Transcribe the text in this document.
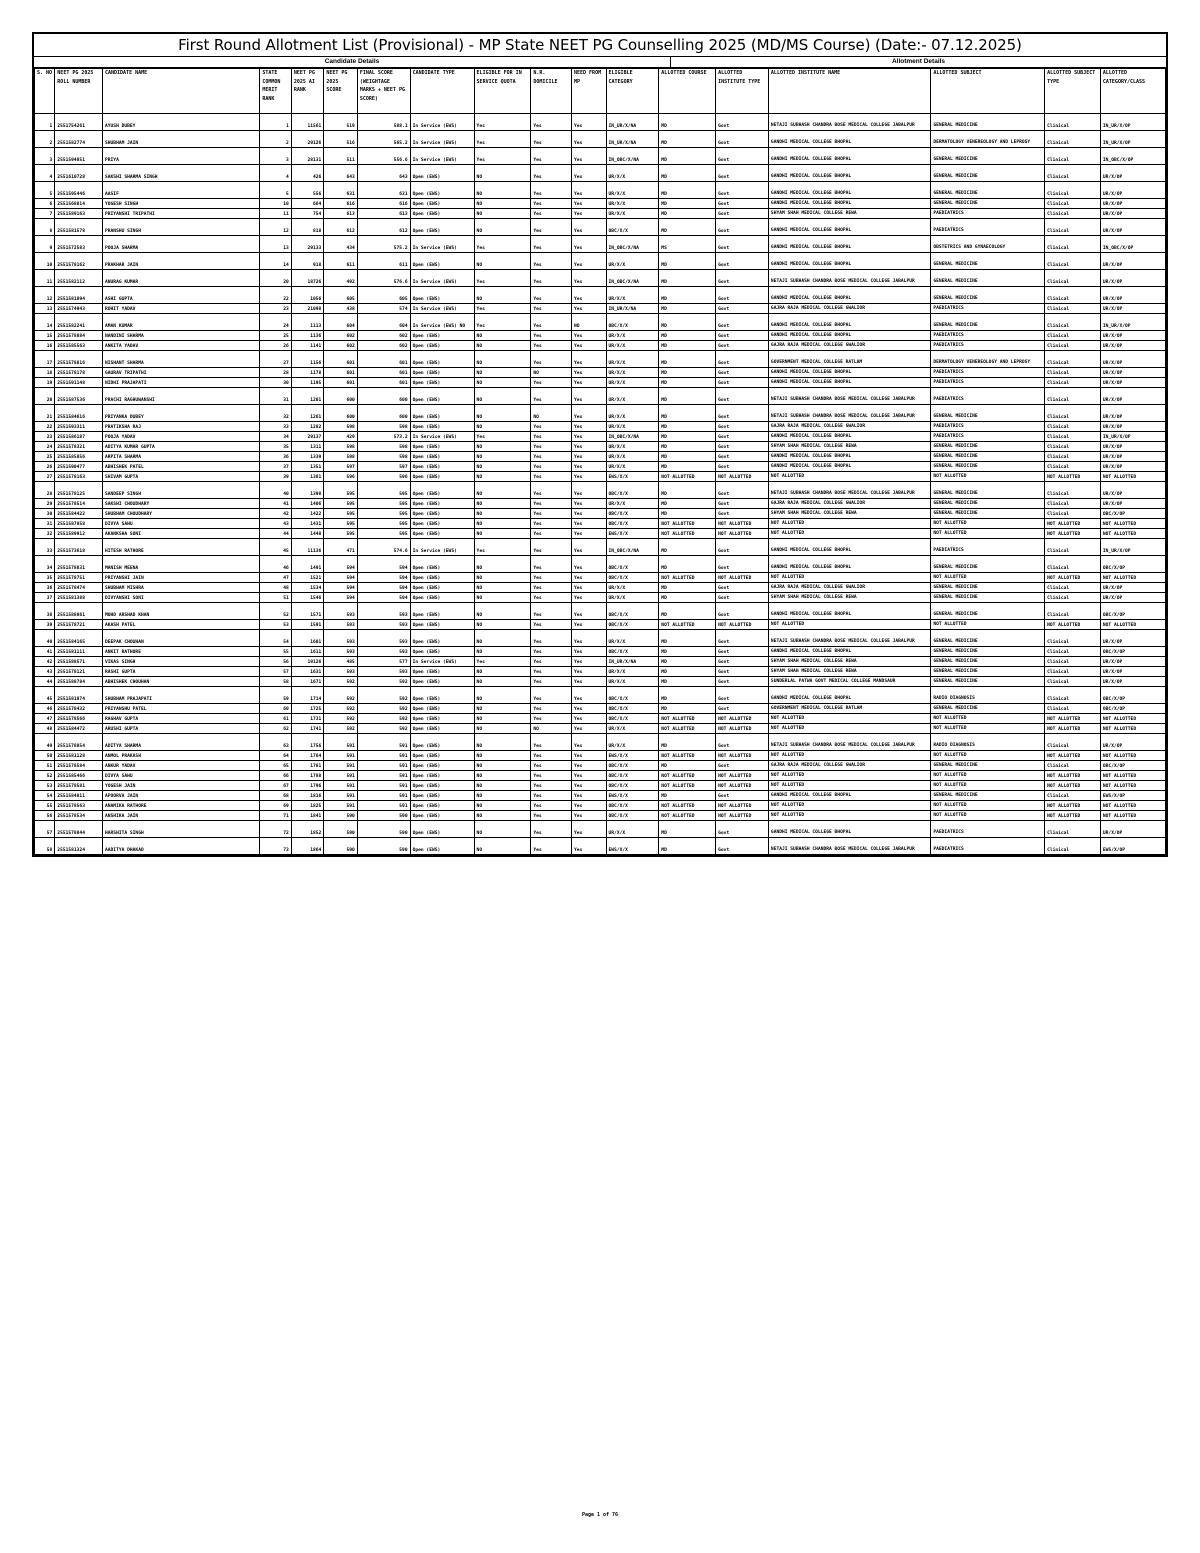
First Round Allotment List (Provisional) - MP State NEET PG Counselling 2025 (MD/MS Course) (Date:- 07.12.2025)
Candidate Details	Allotment Details
S. NO	NEET PG 2025 ROLL NUMBER	CANDIDATE NAME	STATE COMMON MERIT RANK	NEET PG 2025 AI RANK	NEET PG 2025 SCORE	FINAL SCORE (WEIGHTAGE MARKS + NEET PG SCORE)	CANDIDATE TYPE	ELIGIBLE FOR IN SERVICE QUOTA	N.R. DOMICILE	NEED FROM MP	ELIGIBLE CATEGORY	ALLOTTED COURSE	ALLOTTED INSTITUTE TYPE	ALLOTTED INSTITUTE NAME	ALLOTTED SUBJECT	ALLOTTED SUBJECT TYPE	ALLOTTED CATEGORY/CLASS
1	2551754261	AYUSH DUBEY	1	11561	519	588.1	In Service (EWS)	Yes	Yes	Yes	IN_UR/X/NA	MD	Govt	NETAJI SUBHASH CHANDRA BOSE MEDICAL COLLEGE JABALPUR	GENERAL MEDICINE	Clinical	IN_UR/X/OP
2	2551582774	SHUBHAM JAIN	2	29126	516	565.2	In Service (EWS)	Yes	Yes	Yes	IN_UR/X/NA	MD	Govt	GANDHI MEDICAL COLLEGE BHOPAL	DERMATOLOGY VENEREOLOGY AND LEPROSY	Clinical	IN_UR/X/OP
3	2551594851	PRIYA	3	28131	511	556.6	In Service (EWS)	Yes	Yes	Yes	IN_OBC/X/NA	MD	Govt	GANDHI MEDICAL COLLEGE BHOPAL	GENERAL MEDICINE	Clinical	IN_OBC/X/OP
4	2551610728	SAKSHI SHARMA SINGH	4	426	643	643	Open (EWS)	NO	Yes	Yes	UR/X/X	MD	Govt	GANDHI MEDICAL COLLEGE BHOPAL	GENERAL MEDICINE	Clinical	UR/X/OP
5	2551595446	AASIF	5	556	631	631	Open (EWS)	NO	Yes	Yes	UR/X/X	MD	Govt	GANDHI MEDICAL COLLEGE BHOPAL	GENERAL MEDICINE	Clinical	UR/X/OP
6	2551568814	YOGESH SINGH	10	664	616	616	Open (EWS)	NO	Yes	Yes	UR/X/X	MD	Govt	GANDHI MEDICAL COLLEGE BHOPAL	GENERAL MEDICINE	Clinical	UR/X/OP
7	2551589163	PRIYANSHI TRIPATHI	11	754	613	613	Open (EWS)	NO	Yes	Yes	UR/X/X	MD	Govt	SHYAM SHAH MEDICAL COLLEGE REWA	PAEDIATRICS	Clinical	UR/X/OP
8	2551581578	PRANSHU SINGH	12	818	612	612	Open (EWS)	NO	Yes	Yes	OBC/X/X	MD	Govt	GANDHI MEDICAL COLLEGE BHOPAL	PAEDIATRICS	Clinical	UR/X/OP
9	2551572583	POOJA SHARMA	13	29133	434	575.2	In Service (EWS)	Yes	Yes	Yes	IN_OBC/X/NA	MS	Govt	GANDHI MEDICAL COLLEGE BHOPAL	OBSTETRICS AND GYNAECOLOGY	Clinical	IN_OBC/X/OP
10	2551578162	PRAKHAR JAIN	14	918	611	611	Open (EWS)	NO	Yes	Yes	UR/X/X	MD	Govt	GANDHI MEDICAL COLLEGE BHOPAL	GENERAL MEDICINE	Clinical	UR/X/OP
11	2551582112	ANURAG KUMAR	20	18726	492	576.6	In Service (EWS)	Yes	Yes	Yes	IN_OBC/X/NA	MD	Govt	NETAJI SUBHASH CHANDRA BOSE MEDICAL COLLEGE JABALPUR	GENERAL MEDICINE	Clinical	UR/X/OP
12	2551581894	ASHI GUPTA	22	1056	605	605	Open (EWS)	NO	Yes	Yes	UR/X/X	MD	Govt	GANDHI MEDICAL COLLEGE BHOPAL	GENERAL MEDICINE	Clinical	UR/X/OP
13	2551574943	ROHIT YADAV	23	21098	438	574	In Service (EWS)	Yes	Yes	Yes	IN_UR/X/NA	MD	Govt	GAJRA RAJA MEDICAL COLLEGE GWALIOR	PAEDIATRICS	Clinical	UR/X/OP
14	2551582241	AMAN KUMAR	24	1113	604	604	In Service (EWS) NO	Yes	Yes	NO	OBC/X/X	MD	Govt	GANDHI MEDICAL COLLEGE BHOPAL	GENERAL MEDICINE	Clinical	IN_UR/X/OP
15	2551578884	NANDINI SHARMA	25	1136	602	602	Open (EWS)	NO	Yes	Yes	UR/X/X	MD	Govt	GANDHI MEDICAL COLLEGE BHOPAL	PAEDIATRICS	Clinical	UR/X/OP
16	2551585563	ANKITA YADAV	26	1141	602	602	Open (EWS)	NO	Yes	Yes	UR/X/X	MD	Govt	GAJRA RAJA MEDICAL COLLEGE GWALIOR	PAEDIATRICS	Clinical	UR/X/OP
17	2551578816	NISHANT SHARMA	27	1156	601	601	Open (EWS)	NO	Yes	Yes	UR/X/X	MD	Govt	GOVERNMENT MEDICAL COLLEGE RATLAM	DERMATOLOGY VENEREOLOGY AND LEPROSY	Clinical	UR/X/OP
18	2551578178	GAURAV TRIPATHI	28	1178	601	601	Open (EWS)	NO	NO	Yes	UR/X/X	MD	Govt	GANDHI MEDICAL COLLEGE BHOPAL	PAEDIATRICS	Clinical	UR/X/OP
19	2551591148	NIDHI PRAJAPATI	30	1195	601	601	Open (EWS)	NO	Yes	Yes	UR/X/X	MD	Govt	GANDHI MEDICAL COLLEGE BHOPAL	PAEDIATRICS	Clinical	UR/X/OP
20	2551587536	PRACHI RAGHUWANSHI	31	1201	600	600	Open (EWS)	NO	Yes	Yes	UR/X/X	MD	Govt	NETAJI SUBHASH CHANDRA BOSE MEDICAL COLLEGE JABALPUR	PAEDIATRICS	Clinical	UR/X/OP
21	2551584616	PRIYANKA DUBEY	32	1261	600	600	Open (EWS)	NO	NO	Yes	UR/X/X	MD	Govt	NETAJI SUBHASH CHANDRA BOSE MEDICAL COLLEGE JABALPUR	GENERAL MEDICINE	Clinical	UR/X/OP
22	2551593311	PRATIKSHA RAJ	33	1282	598	598	Open (EWS)	NO	Yes	Yes	UR/X/X	MD	Govt	GAJRA RAJA MEDICAL COLLEGE GWALIOR	PAEDIATRICS	Clinical	UR/X/OP
23	2551586187	POOJA YADAV	34	29137	429	573.2	In Service (EWS)	Yes	Yes	Yes	IN_OBC/X/NA	MD	Govt	GANDHI MEDICAL COLLEGE BHOPAL	PAEDIATRICS	Clinical	IN_UR/X/OP
24	2551578321	ADITYA KUMAR GUPTA	35	1311	598	598	Open (EWS)	NO	Yes	Yes	UR/X/X	MD	Govt	SHYAM SHAH MEDICAL COLLEGE REWA	GENERAL MEDICINE	Clinical	UR/X/OP
25	2551585856	ARPITA SHARMA	36	1339	598	598	Open (EWS)	NO	Yes	Yes	UR/X/X	MD	Govt	GANDHI MEDICAL COLLEGE BHOPAL	GENERAL MEDICINE	Clinical	UR/X/OP
26	2551590477	ABHISHEK PATEL	37	1351	597	597	Open (EWS)	NO	Yes	Yes	UR/X/X	MD	Govt	GANDHI MEDICAL COLLEGE BHOPAL	GENERAL MEDICINE	Clinical	UR/X/OP
27	2551578163	SHIVAM GUPTA	39	1381	596	596	Open (EWS)	NO	Yes	Yes	EWS/X/X	NOT ALLOTTED	NOT ALLOTTED	NOT ALLOTTED	NOT ALLOTTED	NOT ALLOTTED	NOT ALLOTTED
28	2551578125	SANDEEP SINGH	40	1398	595	595	Open (EWS)	NO	Yes	Yes	OBC/X/X	MD	Govt	NETAJI SUBHASH CHANDRA BOSE MEDICAL COLLEGE JABALPUR	GENERAL MEDICINE	Clinical	UR/X/OP
29	2551578514	SAKSHI CHOUDHARY	41	1406	595	595	Open (EWS)	NO	Yes	Yes	UR/X/X	MD	Govt	GAJRA RAJA MEDICAL COLLEGE GWALIOR	GENERAL MEDICINE	Clinical	UR/X/OP
30	2551584422	SHUBHAM CHOUDHARY	42	1422	595	595	Open (EWS)	NO	Yes	Yes	OBC/X/X	MD	Govt	SHYAM SHAH MEDICAL COLLEGE REWA	GENERAL MEDICINE	Clinical	OBC/X/OP
31	2551587858	DIVYA SAHU	43	1431	595	595	Open (EWS)	NO	Yes	Yes	OBC/X/X	NOT ALLOTTED	NOT ALLOTTED	NOT ALLOTTED	NOT ALLOTTED	NOT ALLOTTED	NOT ALLOTTED
32	2551589912	AKANKSHA SONI	44	1448	595	595	Open (EWS)	NO	Yes	Yes	EWS/X/X	NOT ALLOTTED	NOT ALLOTTED	NOT ALLOTTED	NOT ALLOTTED	NOT ALLOTTED	NOT ALLOTTED
33	2551573618	HITESH RATHORE	45	11136	471	574.6	In Service (EWS)	Yes	Yes	Yes	IN_OBC/X/NA	MD	Govt	GANDHI MEDICAL COLLEGE BHOPAL	PAEDIATRICS	Clinical	IN_UR/X/OP
34	2551578831	MANISH MEENA	46	1491	594	594	Open (EWS)	NO	Yes	Yes	OBC/X/X	MD	Govt	GANDHI MEDICAL COLLEGE BHOPAL	GENERAL MEDICINE	Clinical	OBC/X/OP
35	2551578751	PRIYANSHI JAIN	47	1521	594	594	Open (EWS)	NO	Yes	Yes	OBC/X/X	NOT ALLOTTED	NOT ALLOTTED	NOT ALLOTTED	NOT ALLOTTED	NOT ALLOTTED	NOT ALLOTTED
36	2551578474	SHUBHAM MISHRA	48	1534	594	594	Open (EWS)	NO	Yes	Yes	UR/X/X	MD	Govt	GAJRA RAJA MEDICAL COLLEGE GWALIOR	GENERAL MEDICINE	Clinical	UR/X/OP
37	2551581388	DIVYANSHI SONI	51	1546	594	594	Open (EWS)	NO	Yes	Yes	UR/X/X	MD	Govt	SHYAM SHAH MEDICAL COLLEGE REWA	GENERAL MEDICINE	Clinical	UR/X/OP
38	2551588861	MOHD ARSHAD KHAN	52	1571	593	593	Open (EWS)	NO	Yes	Yes	OBC/X/X	MD	Govt	GANDHI MEDICAL COLLEGE BHOPAL	GENERAL MEDICINE	Clinical	OBC/X/OP
39	2551578721	AKASH PATEL	53	1591	593	593	Open (EWS)	NO	Yes	Yes	OBC/X/X	NOT ALLOTTED	NOT ALLOTTED	NOT ALLOTTED	NOT ALLOTTED	NOT ALLOTTED	NOT ALLOTTED
40	2551584165	DEEPAK CHOUHAN	54	1601	593	593	Open (EWS)	NO	Yes	Yes	UR/X/X	MD	Govt	NETAJI SUBHASH CHANDRA BOSE MEDICAL COLLEGE JABALPUR	GENERAL MEDICINE	Clinical	UR/X/OP
41	2551581111	ANKIT RATHORE	55	1611	593	593	Open (EWS)	NO	Yes	Yes	OBC/X/X	MD	Govt	GANDHI MEDICAL COLLEGE BHOPAL	GENERAL MEDICINE	Clinical	OBC/X/OP
42	2551588571	VIKAS SINGH	56	19126	485	577	In Service (EWS)	Yes	Yes	Yes	IN_UR/X/NA	MD	Govt	SHYAM SHAH MEDICAL COLLEGE REWA	GENERAL MEDICINE	Clinical	UR/X/OP
43	2551578121	RASHI GUPTA	57	1631	593	593	Open (EWS)	NO	Yes	Yes	UR/X/X	MD	Govt	SHYAM SHAH MEDICAL COLLEGE REWA	GENERAL MEDICINE	Clinical	UR/X/OP
44	2551588784	ABHISHEK CHOUHAN	58	1671	592	592	Open (EWS)	NO	Yes	Yes	UR/X/X	MD	Govt	SUNDERLAL PATWA GOVT MEDICAL COLLEGE MANDSAUR	GENERAL MEDICINE	Clinical	UR/X/OP
45	2551581874	SHUBHAM PRAJAPATI	59	1714	592	592	Open (EWS)	NO	Yes	Yes	OBC/X/X	MD	Govt	GANDHI MEDICAL COLLEGE BHOPAL	RADIO DIAGNOSIS	Clinical	OBC/X/OP
46	2551578432	PRIYANSHU PATEL	60	1725	592	592	Open (EWS)	NO	Yes	Yes	OBC/X/X	MD	Govt	GOVERNMENT MEDICAL COLLEGE RATLAM	GENERAL MEDICINE	Clinical	OBC/X/OP
47	2551578566	RAGHAV GUPTA	61	1731	592	592	Open (EWS)	NO	Yes	Yes	OBC/X/X	NOT ALLOTTED	NOT ALLOTTED	NOT ALLOTTED	NOT ALLOTTED	NOT ALLOTTED	NOT ALLOTTED
48	2551584472	ARUSHI GUPTA	62	1741	592	592	Open (EWS)	NO	NO	Yes	UR/X/X	NOT ALLOTTED	NOT ALLOTTED	NOT ALLOTTED	NOT ALLOTTED	NOT ALLOTTED	NOT ALLOTTED
49	2551578854	ADITYA SHARMA	63	1756	591	591	Open (EWS)	NO	Yes	Yes	UR/X/X	MD	Govt	NETAJI SUBHASH CHANDRA BOSE MEDICAL COLLEGE JABALPUR	RADIO DIAGNOSIS	Clinical	UR/X/OP
50	2551581128	ANMOL PRAKASH	64	1764	591	591	Open (EWS)	NO	Yes	Yes	EWS/X/X	NOT ALLOTTED	NOT ALLOTTED	NOT ALLOTTED	NOT ALLOTTED	NOT ALLOTTED	NOT ALLOTTED
51	2551578584	ANKUR YADAV	65	1781	591	591	Open (EWS)	NO	Yes	Yes	OBC/X/X	MD	Govt	GAJRA RAJA MEDICAL COLLEGE GWALIOR	GENERAL MEDICINE	Clinical	OBC/X/OP
52	2551585466	DIVYA SAHU	66	1788	591	591	Open (EWS)	NO	Yes	Yes	OBC/X/X	NOT ALLOTTED	NOT ALLOTTED	NOT ALLOTTED	NOT ALLOTTED	NOT ALLOTTED	NOT ALLOTTED
53	2551578581	YOGESH JAIN	67	1796	591	591	Open (EWS)	NO	Yes	Yes	OBC/X/X	NOT ALLOTTED	NOT ALLOTTED	NOT ALLOTTED	NOT ALLOTTED	NOT ALLOTTED	NOT ALLOTTED
54	2551584811	APOORVA JAIN	68	1816	591	591	Open (EWS)	NO	Yes	Yes	EWS/X/X	MD	Govt	GANDHI MEDICAL COLLEGE BHOPAL	GENERAL MEDICINE	Clinical	EWS/X/OP
55	2551578563	ANAMIKA RATHORE	69	1825	591	591	Open (EWS)	NO	Yes	Yes	OBC/X/X	NOT ALLOTTED	NOT ALLOTTED	NOT ALLOTTED	NOT ALLOTTED	NOT ALLOTTED	NOT ALLOTTED
56	2551578534	ANSHIKA JAIN	71	1841	590	590	Open (EWS)	NO	Yes	Yes	OBC/X/X	NOT ALLOTTED	NOT ALLOTTED	NOT ALLOTTED	NOT ALLOTTED	NOT ALLOTTED	NOT ALLOTTED
57	2551578844	HARSHITA SINGH	72	1852	590	590	Open (EWS)	NO	Yes	Yes	UR/X/X	MD	Govt	GANDHI MEDICAL COLLEGE BHOPAL	PAEDIATRICS	Clinical	UR/X/OP
58	2551581324	AADITYA DHAKAD	73	1864	590	590	Open (EWS)	NO	Yes	Yes	EWS/X/X	MD	Govt	NETAJI SUBHASH CHANDRA BOSE MEDICAL COLLEGE JABALPUR	PAEDIATRICS	Clinical	EWS/X/OP
Page 1 of 76
